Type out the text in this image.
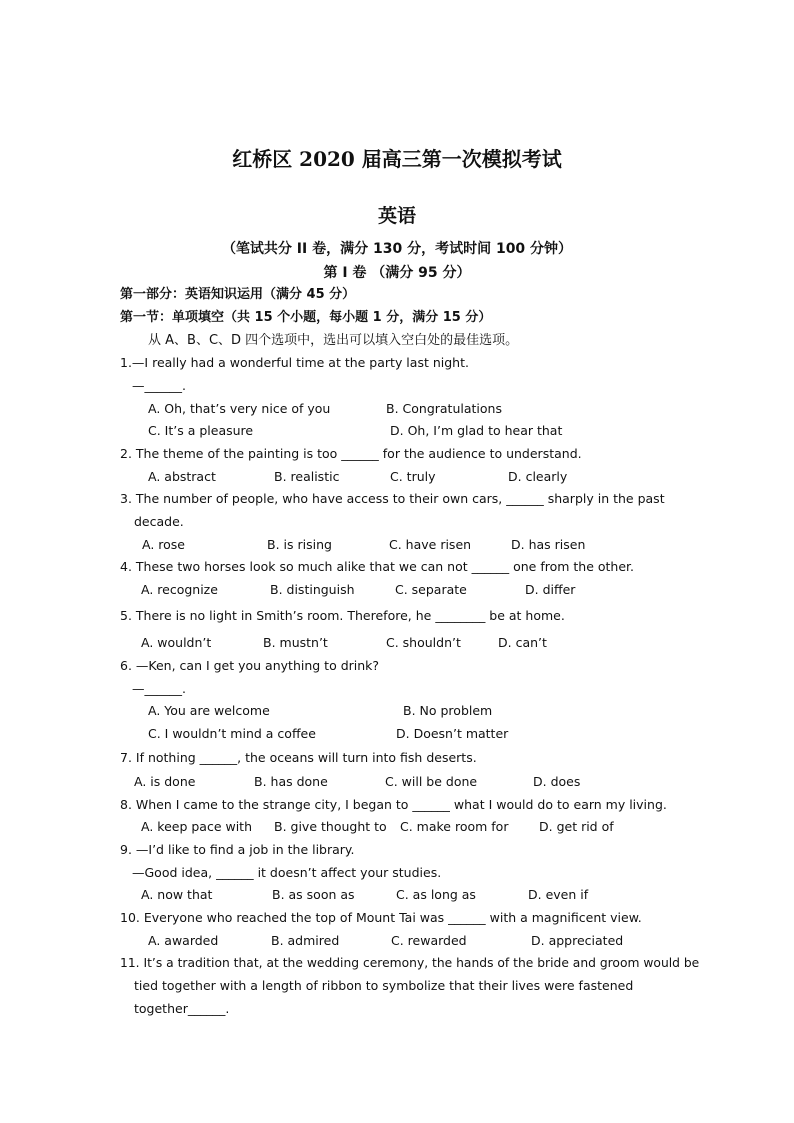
红桥区 2020 届高三第一次模拟考试
英语
（笔试共分 II 卷，满分 130 分，考试时间 100 分钟）
第 I 卷 （满分 95 分）
第一部分：英语知识运用（满分 45 分）
第一节：单项填空（共 15 个小题，每小题 1 分，满分 15 分）
从 A、B、C、D 四个选项中，选出可以填入空白处的最佳选项。
1.—I really had a wonderful time at the party last night.
—______.
A. Oh, that’s very nice of you	B. Congratulations
C. It’s a pleasure	D. Oh, I’m glad to hear that
2. The theme of the painting is too ______ for the audience to understand.
A. abstract	B. realistic	C. truly	D. clearly
3. The number of people, who have access to their own cars, ______ sharply in the past
decade.
A. rose	B. is rising	C. have risen	D. has risen
4. These two horses look so much alike that we can not ______ one from the other.
A. recognize	B. distinguish	C. separate	D. differ
5. There is no light in Smith’s room. Therefore, he ________ be at home.
A. wouldn’t	B. mustn’t	C. shouldn’t	D. can’t
6. —Ken, can I get you anything to drink?
—______.
A. You are welcome	B. No problem
C. I wouldn’t mind a coffee	D. Doesn’t matter
7. If nothing ______, the oceans will turn into fish deserts.
A. is done	B. has done	C. will be done	D. does
8. When I came to the strange city, I began to ______ what I would do to earn my living.
A. keep pace with B. give thought to C. make room for D. get rid of
9. —I’d like to find a job in the library.
—Good idea, ______ it doesn’t affect your studies.
A. now that	B. as soon as	C. as long as	D. even if
10. Everyone who reached the top of Mount Tai was ______ with a magnificent view.
A. awarded	B. admired	C. rewarded	D. appreciated
11. It’s a tradition that, at the wedding ceremony, the hands of the bride and groom would be
tied together with a length of ribbon to symbolize that their lives were fastened
together______.
